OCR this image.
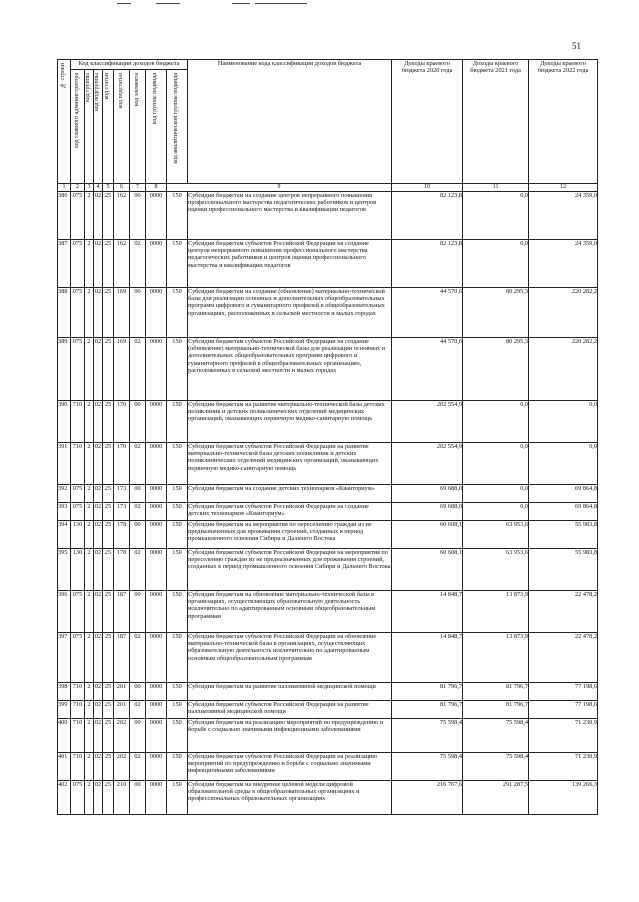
51
№ строки	Код классификации доходов бюджета								Наименование кода классификации доходов бюджета	Доходы краевого бюджета 2020 года	Доходы краевого бюджета 2021 года	Доходы краевого бюджета 2022 года

	код главного администратора	код группы	код подгруппы	код статьи	код подстатьи	код элемента	код группы подвида	код аналитической группы подвида				

1	2	3	4	5	6	7	8	9		10	11	12
386	075	2	02	25	162	00	0000	150	Субсидии бюджетам на создание центров непрерывного повышения профессионального мастерства педагогических работников и центров оценки профессионального мастерства и квалификации педагогов	82 123,8	0,0	24 359,0
387	075	2	02	25	162	02	0000	150	Субсидии бюджетам субъектов Российской Федерации на создание центров непрерывного повышения профессионального мастерства педагогических работников и центров оценки профессионального мастерства и квалификации педагогов	82 123,8	0,0	24 359,0
388	075	2	02	25	169	00	0000	150	Субсидии бюджетам на создание (обновление) материально-технической базы для реализации основных и дополнительных общеобразовательных программ цифрового и гуманитарного профилей в общеобразовательных организациях, расположенных в сельской местности и малых городах	44 570,6	80 295,3	220 282,2
389	075	2	02	25	169	02	0000	150	Субсидии бюджетам субъектов Российской Федерации на создание (обновление) материально-технической базы для реализации основных и дополнительных общеобразовательных программ цифрового и гуманитарного профилей в общеобразовательных организациях, расположенных в сельской местности и малых городах	44 570,6	80 295,3	220 282,2
390	710	2	02	25	170	00	0000	150	Субсидии бюджетам на развитие материально-технической базы детских поликлиник и детских поликлинических отделений медицинских организаций, оказывающих первичную медико-санитарную помощь	202 554,9	0,0	0,0
391	710	2	02	25	170	02	0000	150	Субсидии бюджетам субъектов Российской Федерации на развитие материально-технической базы детских поликлиник и детских поликлинических отделений медицинских организаций, оказывающих первичную медико-санитарную помощь	202 554,9	0,0	0,0
392	075	2	02	25	173	00	0000	150	Субсидии бюджетам на создание детских технопарков «Кванториум»	69 688,0	0,0	69 864,8
393	075	2	02	25	173	02	0000	150	Субсидии бюджетам субъектов Российской Федерации на создание детских технопарков «Кванториум»	69 688,0	0,0	69 864,8
394	130	2	02	25	178	00	0000	150	Субсидии бюджетам на мероприятия по переселению граждан из не предназначенных для проживания строений, созданных в период промышленного освоения Сибири и Дальнего Востока	60 608,1	63 953,6	55 983,8
395	130	2	02	25	178	02	0000	150	Субсидии бюджетам субъектов Российской Федерации на мероприятия по переселению граждан из не предназначенных для проживания строений, созданных в период промышленного освоения Сибири и Дальнего Востока	60 608,1	63 953,6	55 983,8
396	075	2	02	25	187	00	0000	150	Субсидии бюджетам на обновление материально-технической базы в организациях, осуществляющих образовательную деятельность исключительно по адаптированным основным общеобразовательным программам	14 848,7	13 873,9	22 478,2
397	075	2	02	25	187	02	0000	150	Субсидии бюджетам субъектов Российской Федерации на обновление материально-технической базы в организациях, осуществляющих образовательную деятельность исключительно по адаптированным основным общеобразовательным программам	14 848,7	13 873,9	22 478,2
398	710	2	02	25	201	00	0000	150	Субсидии бюджетам на развитие паллиативной медицинской помощи	81 796,7	81 796,7	77 198,6
399	710	2	02	25	201	02	0000	150	Субсидии бюджетам субъектов Российской Федерации на развитие паллиативной медицинской помощи	81 796,7	81 796,7	77 198,6
400	710	2	02	25	202	00	0000	150	Субсидии бюджетам на реализацию мероприятий по предупреждению и борьбе с социально значимыми инфекционными заболеваниями	75 598,4	75 598,4	71 230,9
401	710	2	02	25	202	02	0000	150	Субсидии бюджетам субъектов Российской Федерации на реализацию мероприятий по предупреждению и борьбе с социально значимыми инфекционными заболеваниями	75 598,4	75 598,4	71 230,9
402	075	2	02	25	210	00	0000	150	Субсидии бюджетам на внедрение целевой модели цифровой образовательной среды в общеобразовательных организациях и профессиональных образовательных организациях	216 767,6	291 287,5	139 266,3
